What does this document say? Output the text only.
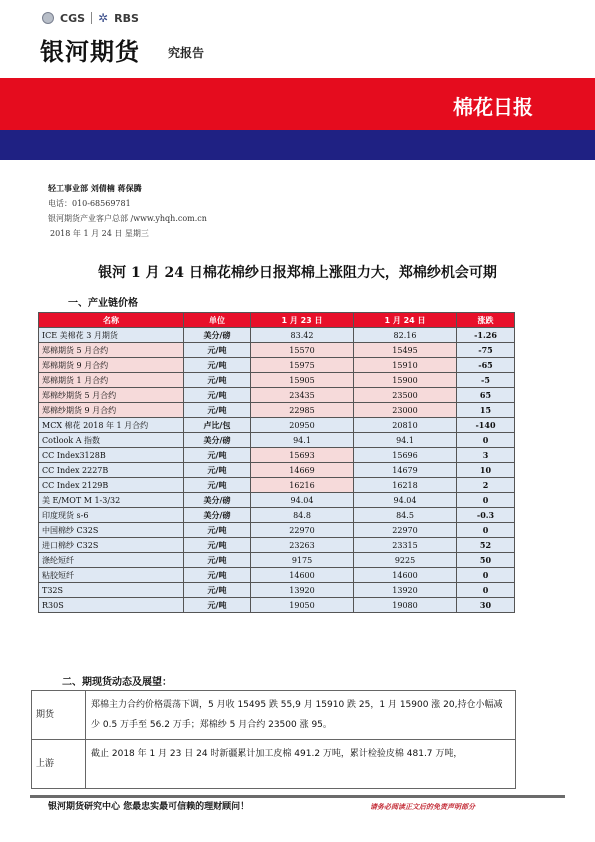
CGS ✲ RBS
银河期货 究报告
棉花日报
轻工事业部 刘倩楠 蒋保腾
电话：010-68569781
银河期货产业客户总部 /www.yhqh.com.cn
2018 年 1 月 24 日 星期三
银河 1 月 24 日棉花棉纱日报郑棉上涨阻力大，郑棉纱机会可期
一、产业链价格
名称	单位	1 月 23 日	1 月 24 日	涨跌
ICE 美棉花 3 月期货	美分/磅	83.42	82.16	-1.26
郑棉期货 5 月合约	元/吨	15570	15495	-75
郑棉期货 9 月合约	元/吨	15975	15910	-65
郑棉期货 1 月合约	元/吨	15905	15900	-5
郑棉纱期货 5 月合约	元/吨	23435	23500	65
郑棉纱期货 9 月合约	元/吨	22985	23000	15
MCX 棉花 2018 年 1 月合约	卢比/包	20950	20810	-140
Cotlook A 指数	美分/磅	94.1	94.1	0
CC Index3128B	元/吨	15693	15696	3
CC Index 2227B	元/吨	14669	14679	10
CC Index 2129B	元/吨	16216	16218	2
美 E/MOT M 1-3/32	美分/磅	94.04	94.04	0
印度现货 s-6	美分/磅	84.8	84.5	-0.3
中国棉纱 C32S	元/吨	22970	22970	0
进口棉纱 C32S	元/吨	23263	23315	52
涤纶短纤	元/吨	9175	9225	50
粘胶短纤	元/吨	14600	14600	0
T32S	元/吨	13920	13920	0
R30S	元/吨	19050	19080	30
二、期现货动态及展望：
期货	郑棉主力合约价格震荡下调，5 月收 15495 跌 55,9 月 15910 跌 25，1 月 15900 涨 20,持仓小幅减少 0.5 万手至 56.2 万手；郑棉纱 5 月合约 23500 涨 95。
上游	截止 2018 年 1 月 23 日 24 时新疆累计加工皮棉 491.2 万吨，累计检验皮棉 481.7 万吨，
银河期货研究中心 您最忠实最可信赖的理财顾问！	请务必阅读正文后的免责声明部分
